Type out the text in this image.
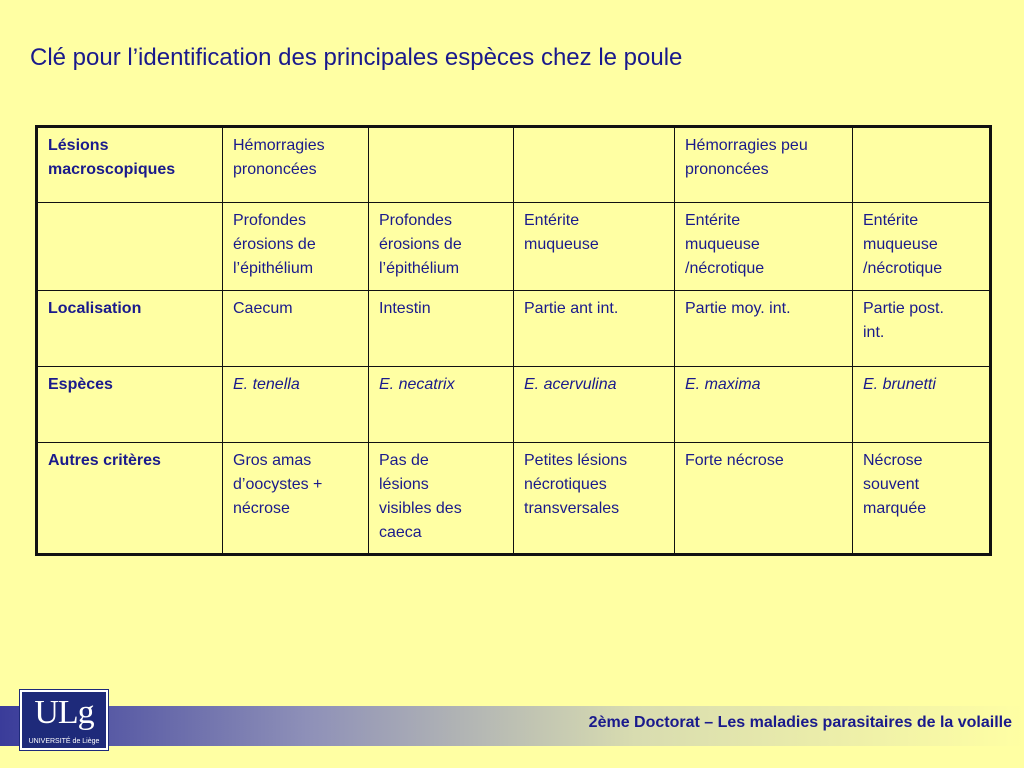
Clé pour l’identification des principales espèces chez le poule
Lésions
macroscopiques	Hémorragies
prononcées			Hémorragies peu
prononcées	

	Profondes
érosions de
l’épithélium	Profondes
érosions de
l’épithélium	Entérite
muqueuse	Entérite
muqueuse
/nécrotique	Entérite
muqueuse
/nécrotique

Localisation	Caecum	Intestin	Partie ant int.	Partie moy. int.	Partie post.
int.

Espèces	E. tenella	E. necatrix	E. acervulina	E. maxima	E. brunetti

Autres critères	Gros amas
d’oocystes +
nécrose	Pas de
lésions
visibles des
caeca	Petites lésions
nécrotiques
transversales	Forte nécrose	Nécrose
souvent
marquée
ULg
UNIVERSITÉ de Liège
2ème Doctorat – Les maladies parasitaires de la volaille
